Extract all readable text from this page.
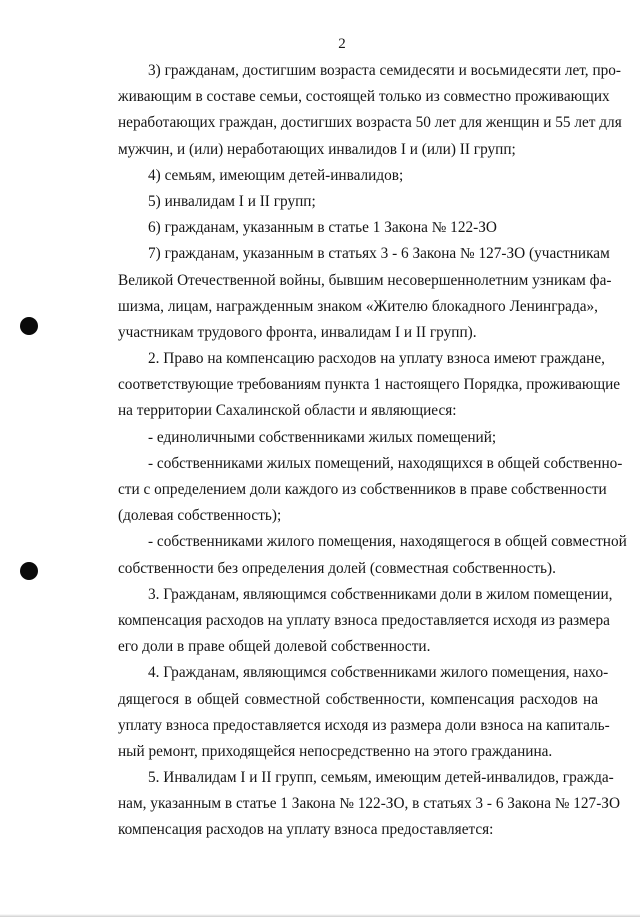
2
3) гражданам, достигшим возраста семидесяти и восьмидесяти лет, про-
живающим в составе семьи, состоящей только из совместно проживающих
неработающих граждан, достигших возраста 50 лет для женщин и 55 лет для
мужчин, и (или) неработающих инвалидов I и (или) II групп;
4) семьям, имеющим детей-инвалидов;
5) инвалидам I и II групп;
6) гражданам, указанным в статье 1 Закона № 122-ЗО
7) гражданам, указанным в статьях 3 - 6 Закона № 127-ЗО (участникам
Великой Отечественной войны, бывшим несовершеннолетним узникам фа-
шизма, лицам, награжденным знаком «Жителю блокадного Ленинграда»,
участникам трудового фронта, инвалидам I и II групп).
2. Право на компенсацию расходов на уплату взноса имеют граждане,
соответствующие требованиям пункта 1 настоящего Порядка, проживающие
на территории Сахалинской области и являющиеся:
- единоличными собственниками жилых помещений;
- собственниками жилых помещений, находящихся в общей собственно-
сти с определением доли каждого из собственников в праве собственности
(долевая собственность);
- собственниками жилого помещения, находящегося в общей совместной
собственности без определения долей (совместная собственность).
3. Гражданам, являющимся собственниками доли в жилом помещении,
компенсация расходов на уплату взноса предоставляется исходя из размера
его доли в праве общей долевой собственности.
4. Гражданам, являющимся собственниками жилого помещения, нахо-
дящегося в общей совместной собственности, компенсация расходов на
уплату взноса предоставляется исходя из размера доли взноса на капиталь-
ный ремонт, приходящейся непосредственно на этого гражданина.
5. Инвалидам I и II групп, семьям, имеющим детей-инвалидов, гражда-
нам, указанным в статье 1 Закона № 122-ЗО, в статьях 3 - 6 Закона № 127-ЗО
компенсация расходов на уплату взноса предоставляется:
